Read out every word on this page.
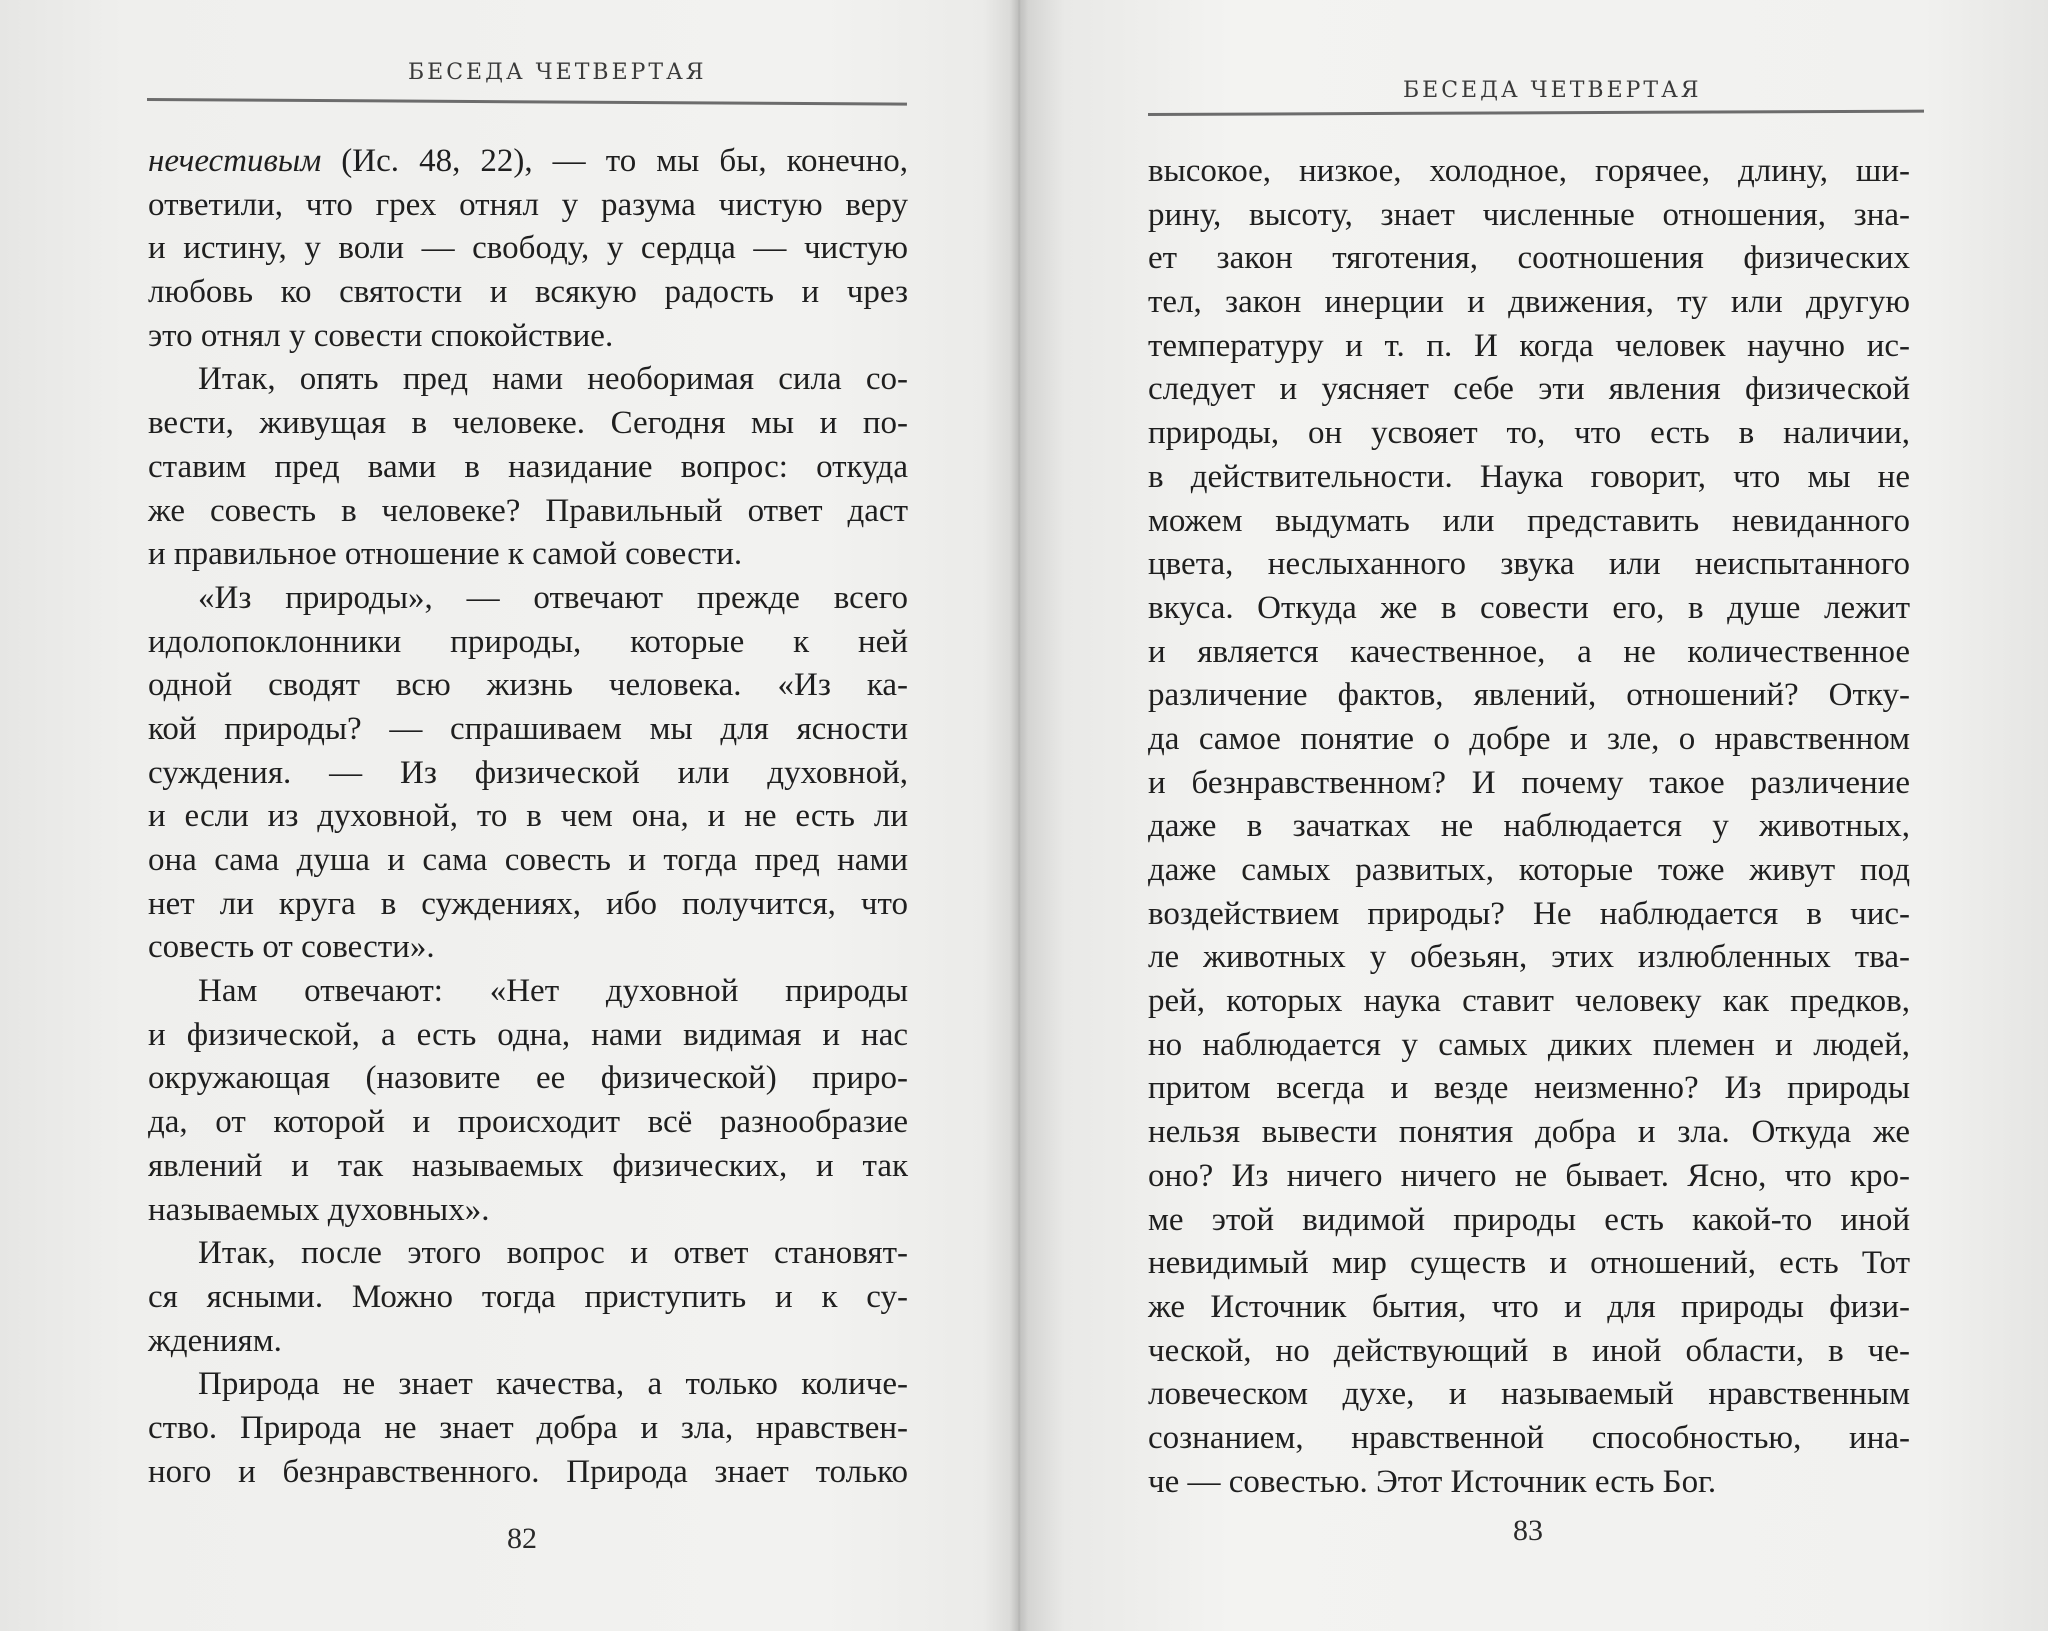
БЕСЕДА ЧЕТВЕРТАЯ
нечестивым (Ис. 48, 22), — то мы бы, конечно,
ответили, что грех отнял у разума чистую веру
и истину, у воли — свободу, у сердца — чистую
любовь ко святости и всякую радость и чрез
это отнял у совести спокойствие.
Итак, опять пред нами необоримая сила со-
вести, живущая в человеке. Сегодня мы и по-
ставим пред вами в назидание вопрос: откуда
же совесть в человеке? Правильный ответ даст
и правильное отношение к самой совести.
«Из природы», — отвечают прежде всего
идолопоклонники природы, которые к ней
одной сводят всю жизнь человека. «Из ка-
кой природы? — спрашиваем мы для ясности
суждения. — Из физической или духовной,
и если из духовной, то в чем она, и не есть ли
она сама душа и сама совесть и тогда пред нами
нет ли круга в суждениях, ибо получится, что
совесть от совести».
Нам отвечают: «Нет духовной природы
и физической, а есть одна, нами видимая и нас
окружающая (назовите ее физической) приро-
да, от которой и происходит всё разнообразие
явлений и так называемых физических, и так
называемых духовных».
Итак, после этого вопрос и ответ становят-
ся ясными. Можно тогда приступить и к су-
ждениям.
Природа не знает качества, а только количе-
ство. Природа не знает добра и зла, нравствен-
ного и безнравственного. Природа знает только
82
БЕСЕДА ЧЕТВЕРТАЯ
высокое, низкое, холодное, горячее, длину, ши-
рину, высоту, знает численные отношения, зна-
ет закон тяготения, соотношения физических
тел, закон инерции и движения, ту или другую
температуру и т. п. И когда человек научно ис-
следует и уясняет себе эти явления физической
природы, он усвояет то, что есть в наличии,
в действительности. Наука говорит, что мы не
можем выдумать или представить невиданного
цвета, неслыханного звука или неиспытанного
вкуса. Откуда же в совести его, в душе лежит
и является качественное, а не количественное
различение фактов, явлений, отношений? Отку-
да самое понятие о добре и зле, о нравственном
и безнравственном? И почему такое различение
даже в зачатках не наблюдается у животных,
даже самых развитых, которые тоже живут под
воздействием природы? Не наблюдается в чис-
ле животных у обезьян, этих излюбленных тва-
рей, которых наука ставит человеку как предков,
но наблюдается у самых диких племен и людей,
притом всегда и везде неизменно? Из природы
нельзя вывести понятия добра и зла. Откуда же
оно? Из ничего ничего не бывает. Ясно, что кро-
ме этой видимой природы есть какой-то иной
невидимый мир существ и отношений, есть Тот
же Источник бытия, что и для природы физи-
ческой, но действующий в иной области, в че-
ловеческом духе, и называемый нравственным
сознанием, нравственной способностью, ина-
че — совестью. Этот Источник есть Бог.
83
